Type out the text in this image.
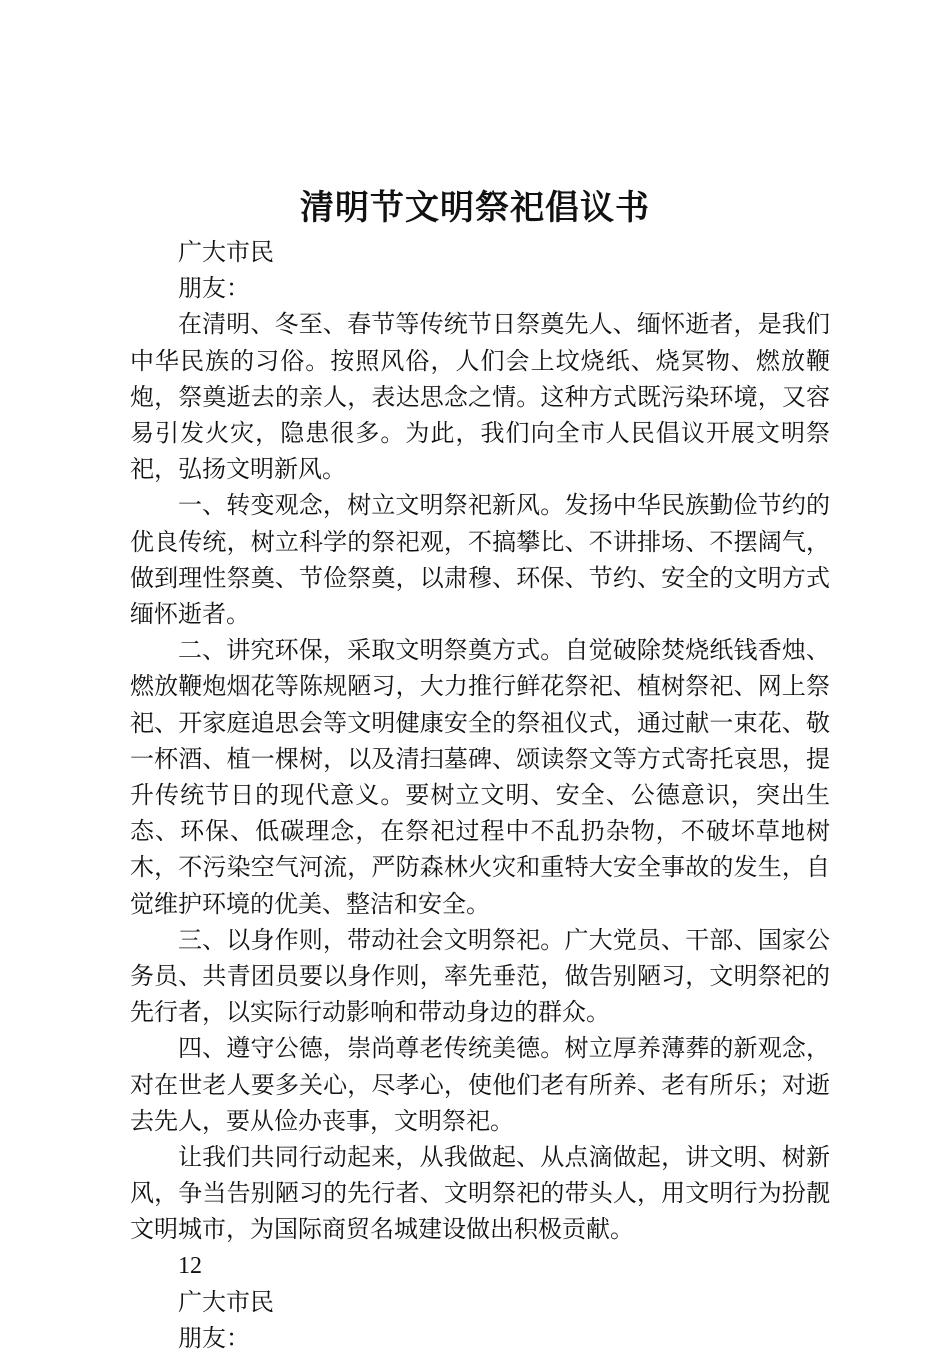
清明节文明祭祀倡议书

广大市民

朋友：

在清明、冬至、春节等传统节日祭奠先人、缅怀逝者，是我们中华民族的习俗。按照风俗，人们会上坟烧纸、烧冥物、燃放鞭炮，祭奠逝去的亲人，表达思念之情。这种方式既污染环境，又容易引发火灾，隐患很多。为此，我们向全市人民倡议开展文明祭祀，弘扬文明新风。

一、转变观念，树立文明祭祀新风。发扬中华民族勤俭节约的优良传统，树立科学的祭祀观，不搞攀比、不讲排场、不摆阔气，做到理性祭奠、节俭祭奠，以肃穆、环保、节约、安全的文明方式缅怀逝者。

二、讲究环保，采取文明祭奠方式。自觉破除焚烧纸钱香烛、燃放鞭炮烟花等陈规陋习，大力推行鲜花祭祀、植树祭祀、网上祭祀、开家庭追思会等文明健康安全的祭祖仪式，通过献一束花、敬一杯酒、植一棵树，以及清扫墓碑、颂读祭文等方式寄托哀思，提升传统节日的现代意义。要树立文明、安全、公德意识，突出生态、环保、低碳理念，在祭祀过程中不乱扔杂物，不破坏草地树木，不污染空气河流，严防森林火灾和重特大安全事故的发生，自觉维护环境的优美、整洁和安全。

三、以身作则，带动社会文明祭祀。广大党员、干部、国家公务员、共青团员要以身作则，率先垂范，做告别陋习，文明祭祀的先行者，以实际行动影响和带动身边的群众。

四、遵守公德，崇尚尊老传统美德。树立厚养薄葬的新观念，对在世老人要多关心，尽孝心，使他们老有所养、老有所乐；对逝去先人，要从俭办丧事，文明祭祀。

让我们共同行动起来，从我做起、从点滴做起，讲文明、树新风，争当告别陋习的先行者、文明祭祀的带头人，用文明行为扮靓文明城市，为国际商贸名城建设做出积极贡献。

12

广大市民

朋友：
